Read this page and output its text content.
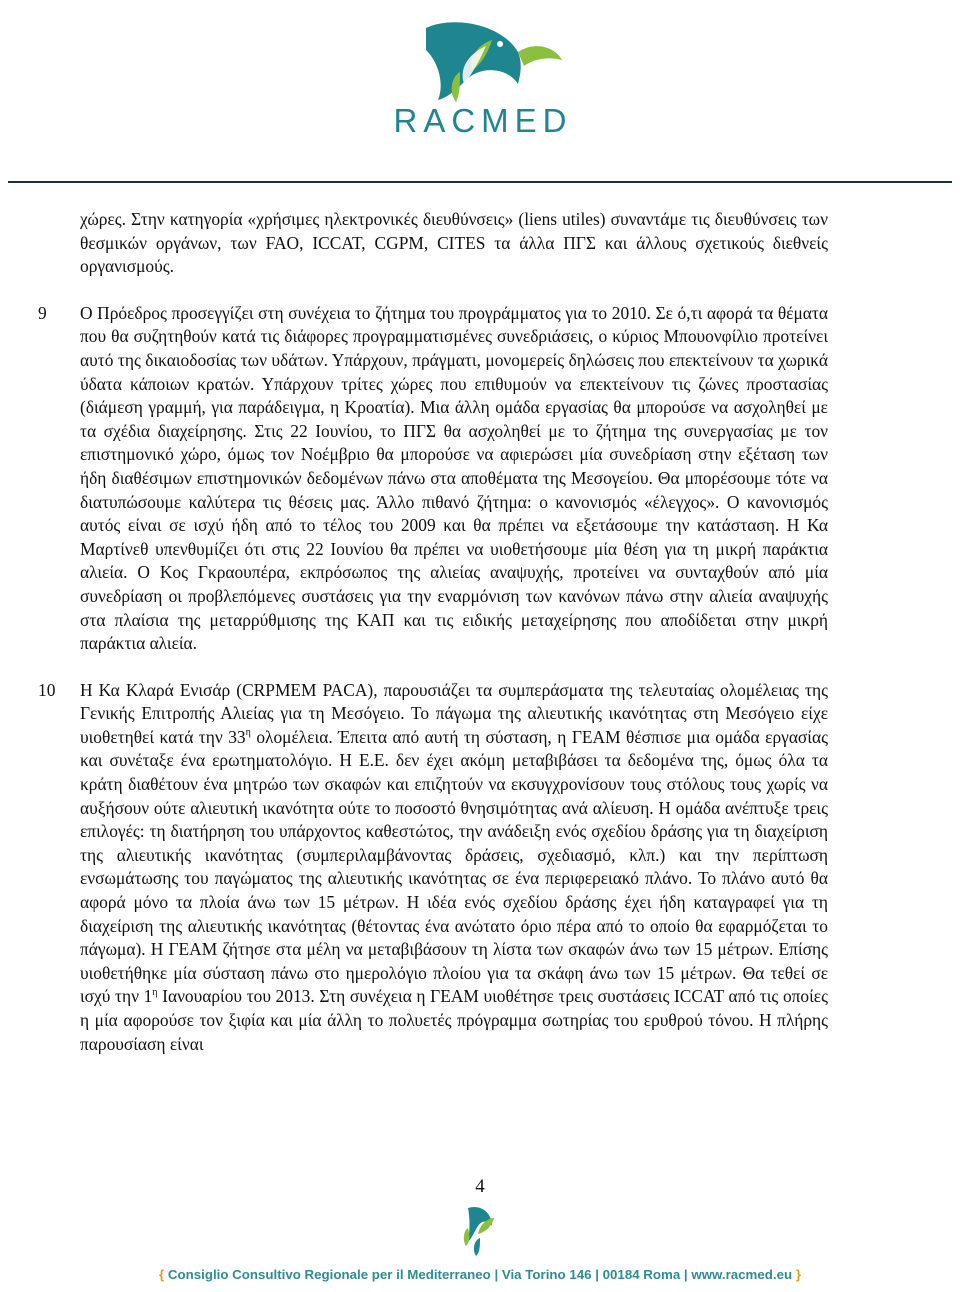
RACMED
χώρες. Στην κατηγορία «χρήσιμες ηλεκτρονικές διευθύνσεις» (liens utiles) συναντάμε τις διευθύνσεις των θεσμικών οργάνων, των FAO, ICCAT, CGPM, CITES τα άλλα ΠΓΣ και άλλους σχετικούς διεθνείς οργανισμούς.
9 Ο Πρόεδρος προσεγγίζει στη συνέχεια το ζήτημα του προγράμματος για το 2010. Σε ό,τι αφορά τα θέματα που θα συζητηθούν κατά τις διάφορες προγραμματισμένες συνεδριάσεις, ο κύριος Μπουονφίλιο προτείνει αυτό της δικαιοδοσίας των υδάτων. Υπάρχουν, πράγματι, μονομερείς δηλώσεις που επεκτείνουν τα χωρικά ύδατα κάποιων κρατών. Υπάρχουν τρίτες χώρες που επιθυμούν να επεκτείνουν τις ζώνες προστασίας (διάμεση γραμμή, για παράδειγμα, η Κροατία). Μια άλλη ομάδα εργασίας θα μπορούσε να ασχοληθεί με τα σχέδια διαχείρησης. Στις 22 Ιουνίου, το ΠΓΣ θα ασχοληθεί με το ζήτημα της συνεργασίας με τον επιστημονικό χώρο, όμως τον Νοέμβριο θα μπορούσε να αφιερώσει μία συνεδρίαση στην εξέταση των ήδη διαθέσιμων επιστημονικών δεδομένων πάνω στα αποθέματα της Μεσογείου. Θα μπορέσουμε τότε να διατυπώσουμε καλύτερα τις θέσεις μας. Άλλο πιθανό ζήτημα: ο κανονισμός «έλεγχος». Ο κανονισμός αυτός είναι σε ισχύ ήδη από το τέλος του 2009 και θα πρέπει να εξετάσουμε την κατάσταση. Η Κα Μαρτίνεθ υπενθυμίζει ότι στις 22 Ιουνίου θα πρέπει να υιοθετήσουμε μία θέση για τη μικρή παράκτια αλιεία. Ο Κος Γκραουπέρα, εκπρόσωπος της αλιείας αναψυχής, προτείνει να συνταχθούν από μία συνεδρίαση οι προβλεπόμενες συστάσεις για την εναρμόνιση των κανόνων πάνω στην αλιεία αναψυχής στα πλαίσια της μεταρρύθμισης της ΚΑΠ και τις ειδικής μεταχείρησης που αποδίδεται στην μικρή παράκτια αλιεία.
10 Η Κα Κλαρά Ενισάρ (CRPMEM PACA), παρουσιάζει τα συμπεράσματα της τελευταίας ολομέλειας της Γενικής Επιτροπής Αλιείας για τη Μεσόγειο. Το πάγωμα της αλιευτικής ικανότητας στη Μεσόγειο είχε υιοθετηθεί κατά την $33^\eta$ ολομέλεια. Έπειτα από αυτή τη σύσταση, η ΓΕΑΜ θέσπισε μια ομάδα εργασίας και συνέταξε ένα ερωτηματολόγιο. Η Ε.Ε. δεν έχει ακόμη μεταβιβάσει τα δεδομένα της, όμως όλα τα κράτη διαθέτουν ένα μητρώο των σκαφών και επιζητούν να εκσυγχρονίσουν τους στόλους τους χωρίς να αυξήσουν ούτε αλιευτική ικανότητα ούτε το ποσοστό θνησιμότητας ανά αλίευση. Η ομάδα ανέπτυξε τρεις επιλογές: τη διατήρηση του υπάρχοντος καθεστώτος, την ανάδειξη ενός σχεδίου δράσης για τη διαχείριση της αλιευτικής ικανότητας (συμπεριλαμβάνοντας δράσεις, σχεδιασμό, κλπ.) και την περίπτωση ενσωμάτωσης του παγώματος της αλιευτικής ικανότητας σε ένα περιφερειακό πλάνο. Το πλάνο αυτό θα αφορά μόνο τα πλοία άνω των 15 μέτρων. Η ιδέα ενός σχεδίου δράσης έχει ήδη καταγραφεί για τη διαχείριση της αλιευτικής ικανότητας (θέτοντας ένα ανώτατο όριο πέρα από το οποίο θα εφαρμόζεται το πάγωμα). Η ΓΕΑΜ ζήτησε στα μέλη να μεταβιβάσουν τη λίστα των σκαφών άνω των 15 μέτρων. Επίσης υιοθετήθηκε μία σύσταση πάνω στο ημερολόγιο πλοίου για τα σκάφη άνω των 15 μέτρων. Θα τεθεί σε ισχύ την $1^\eta$ Ιανουαρίου του 2013. Στη συνέχεια η ΓΕΑΜ υιοθέτησε τρεις συστάσεις ICCAT από τις οποίες η μία αφορούσε τον ξιφία και μία άλλη το πολυετές πρόγραμμα σωτηρίας του ερυθρού τόνου. Η πλήρης παρουσίαση είναι
4
{ Consiglio Consultivo Regionale per il Mediterraneo | Via Torino 146 | 00184 Roma | www.racmed.eu }
